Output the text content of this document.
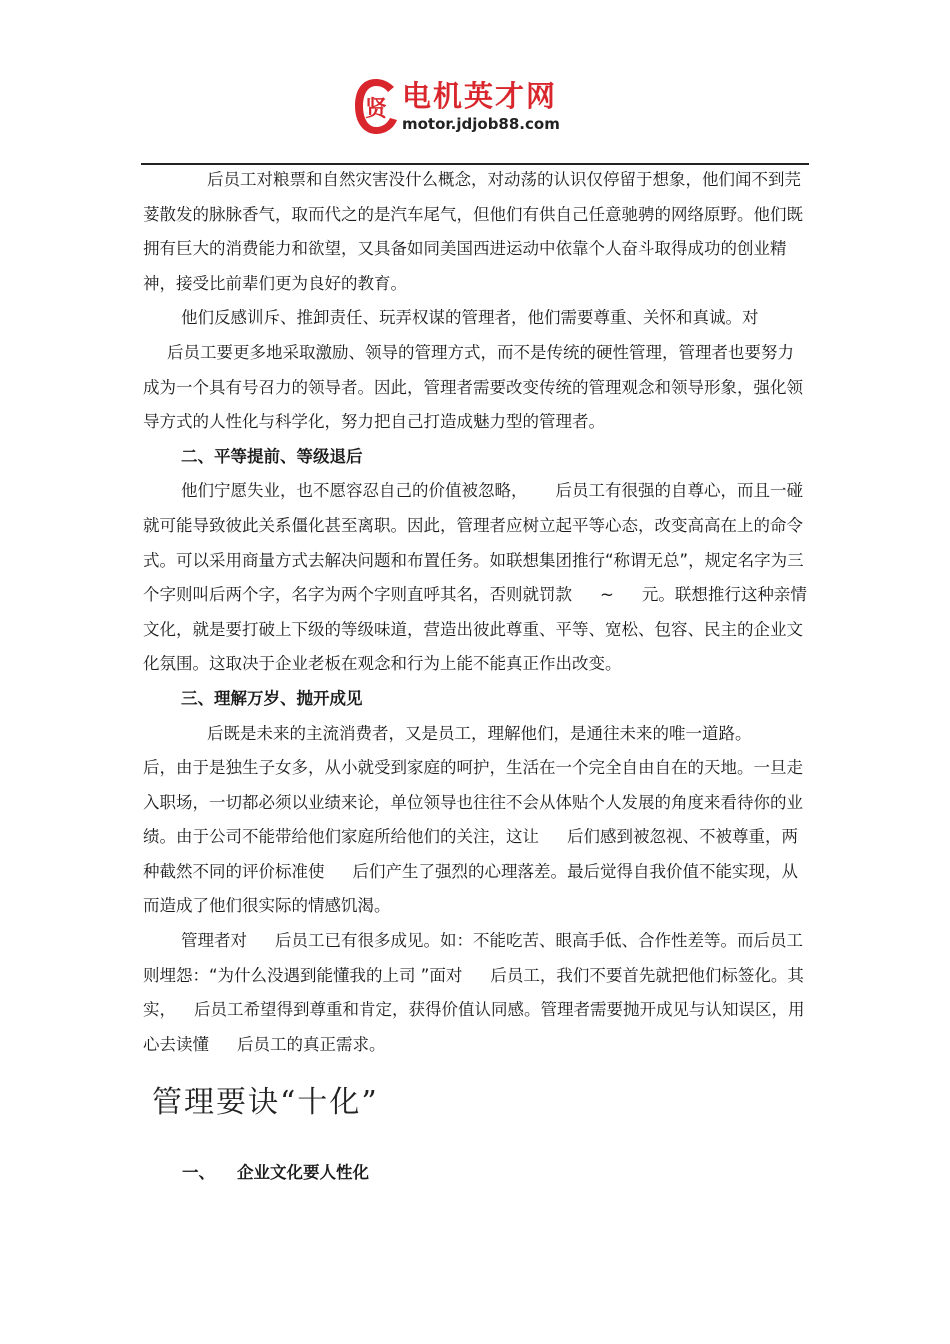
贤 电机英才网
motor.jdjob88.com

后员工对粮票和自然灾害没什么概念，对动荡的认识仅停留于想象，他们闻不到芫荽散发的脉脉香气，取而代之的是汽车尾气，但他们有供自己任意驰骋的网络原野。他们既拥有巨大的消费能力和欲望，又具备如同美国西进运动中依靠个人奋斗取得成功的创业精神，接受比前辈们更为良好的教育。

他们反感训斥、推卸责任、玩弄权谋的管理者，他们需要尊重、关怀和真诚。对

后员工要更多地采取激励、领导的管理方式，而不是传统的硬性管理，管理者也要努力成为一个具有号召力的领导者。因此，管理者需要改变传统的管理观念和领导形象，强化领导方式的人性化与科学化，努力把自己打造成魅力型的管理者。

二、平等提前、等级退后

他们宁愿失业，也不愿容忍自己的价值被忽略， 后员工有很强的自尊心，而且一碰就可能导致彼此关系僵化甚至离职。因此，管理者应树立起平等心态，改变高高在上的命令式。可以采用商量方式去解决问题和布置任务。如联想集团推行“称谓无总”，规定名字为三个字则叫后两个字，名字为两个字则直呼其名，否则就罚款 ~ 元。联想推行这种亲情文化，就是要打破上下级的等级味道，营造出彼此尊重、平等、宽松、包容、民主的企业文化氛围。这取决于企业老板在观念和行为上能不能真正作出改变。

三、理解万岁、抛开成见

后既是未来的主流消费者，又是员工，理解他们，是通往未来的唯一道路。

后，由于是独生子女多，从小就受到家庭的呵护，生活在一个完全自由自在的天地。一旦走入职场，一切都必须以业绩来论，单位领导也往往不会从体贴个人发展的角度来看待你的业绩。由于公司不能带给他们家庭所给他们的关注，这让 后们感到被忽视、不被尊重，两种截然不同的评价标准使 后们产生了强烈的心理落差。最后觉得自我价值不能实现，从而造成了他们很实际的情感饥渴。

管理者对 后员工已有很多成见。如：不能吃苦、眼高手低、合作性差等。而后员工则埋怨：“为什么没遇到能懂我的上司 ”面对 后员工，我们不要首先就把他们标签化。其实， 后员工希望得到尊重和肯定，获得价值认同感。管理者需要抛开成见与认知误区，用心去读懂 后员工的真正需求。

管理要诀“十化”
一、 企业文化要人性化
